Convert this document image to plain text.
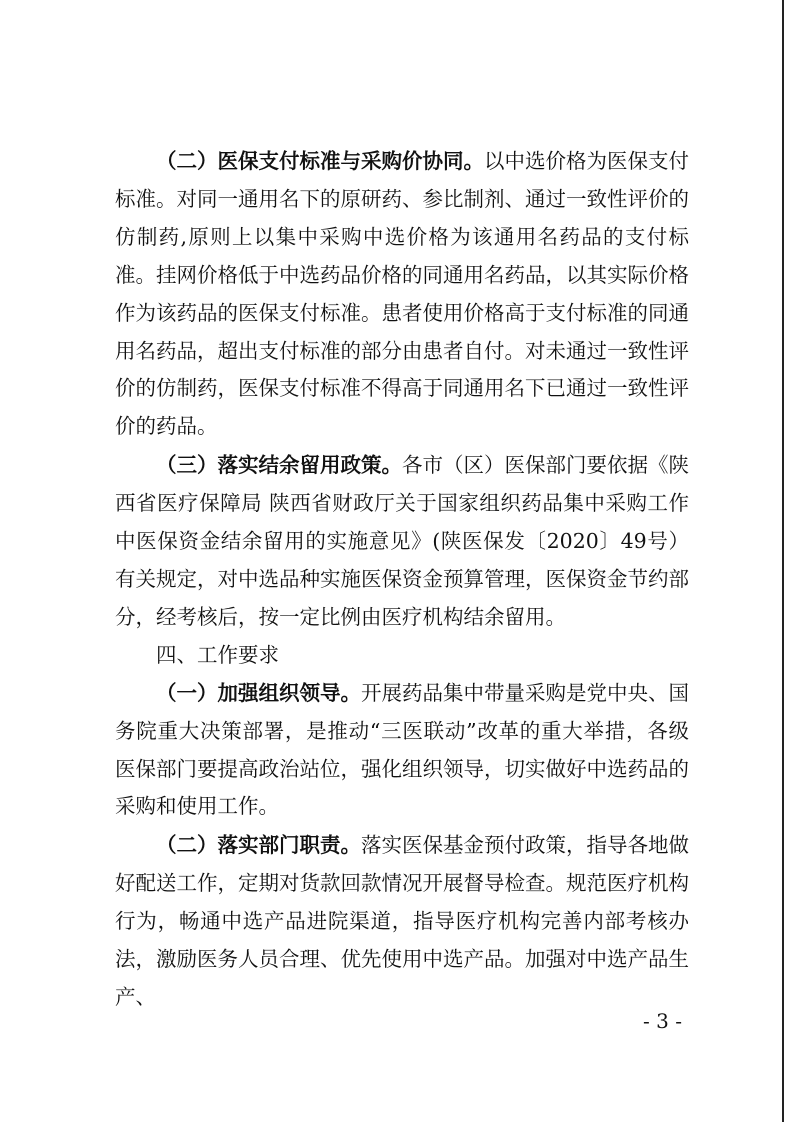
（二）医保支付标准与采购价协同。以中选价格为医保支付标准。对同一通用名下的原研药、参比制剂、通过一致性评价的仿制药,原则上以集中采购中选价格为该通用名药品的支付标准。挂网价格低于中选药品价格的同通用名药品，以其实际价格作为该药品的医保支付标准。患者使用价格高于支付标准的同通用名药品，超出支付标准的部分由患者自付。对未通过一致性评价的仿制药，医保支付标准不得高于同通用名下已通过一致性评价的药品。

（三）落实结余留用政策。各市（区）医保部门要依据《陕西省医疗保障局 陕西省财政厅关于国家组织药品集中采购工作中医保资金结余留用的实施意见》(陕医保发〔2020〕49号）有关规定，对中选品种实施医保资金预算管理，医保资金节约部分，经考核后，按一定比例由医疗机构结余留用。

四、工作要求

（一）加强组织领导。开展药品集中带量采购是党中央、国务院重大决策部署，是推动“三医联动”改革的重大举措，各级医保部门要提高政治站位，强化组织领导，切实做好中选药品的采购和使用工作。

（二）落实部门职责。落实医保基金预付政策，指导各地做好配送工作，定期对货款回款情况开展督导检查。规范医疗机构行为，畅通中选产品进院渠道，指导医疗机构完善内部考核办法，激励医务人员合理、优先使用中选产品。加强对中选产品生产、

- 3 -
